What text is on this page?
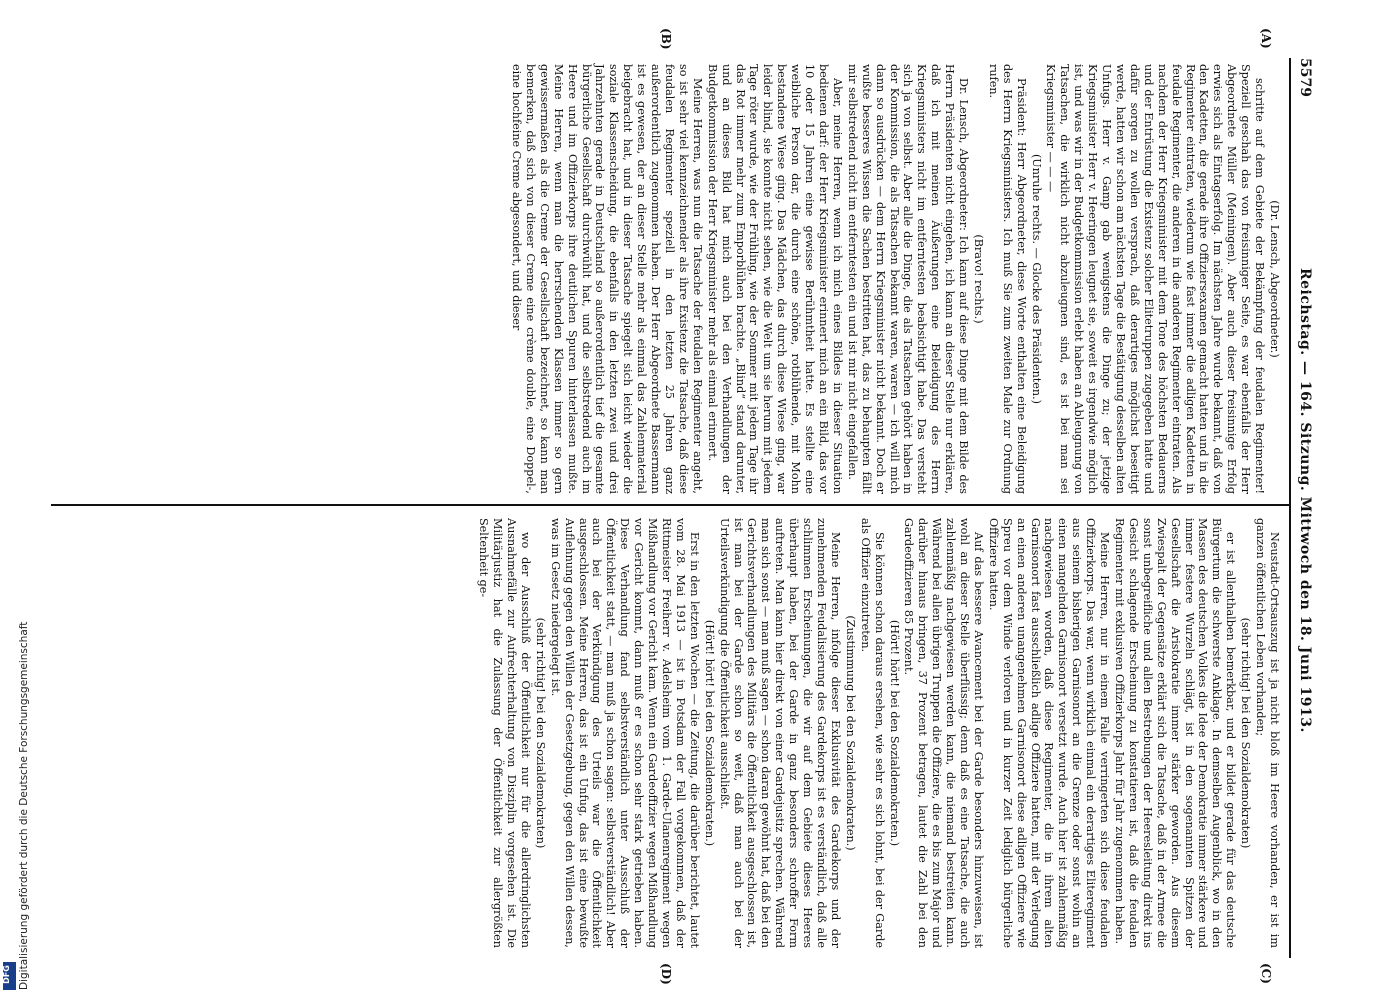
5579
Reichstag. — 164. Sitzung. Mittwoch den 18. Juni 1913.

(Dr. Lensch, Abgeordneter.)

schritte auf dem Gebiete der Bekämpfung der feudalen Regimenter! Speziell geschah das von freisinniger Seite, es war ebenfalls der Herr Abgeordnete Müller (Meiningen). Aber auch dieser freisinnige Erfolg erwies sich als Eintagserfolg. Im nächsten Jahre wurde bekannt, daß von den Kadetten, die gerade ihre Offiziersexamen gemacht hatten und in die Regimenter eintraten, wiederum wie fast immer die adligen Kadetten in feudale Regimenter, die anderen in die anderen Regimenter eintraten. Als nachdem der Herr Kriegsminister mit dem Tone des höchsten Bedauerns und der Entrüstung die Existenz solcher Elitetruppen zugegeben hatte und dafür sorgen zu wollen versprach, daß derartiges möglichst beseitigt werde, hatten wir schon am nächsten Tage die Bestätigung desselben alten Unfugs. Herr v. Gamp gab wenigstens die Dinge zu; der jetzige Kriegsminister Herr v. Heeringen leugnet sie, soweit es irgendwie möglich ist, und was wir in der Budgetkommission erlebt haben an Ableugnung von Tatsachen, die wirklich nicht abzuleugnen sind, es ist bei man sei Kriegsminister — — —

(Unruhe rechts. — Glocke des Präsidenten.)

Präsident: Herr Abgeordneter, diese Worte enthalten eine Beleidigung des Herrn Kriegsministers. Ich muß Sie zum zweiten Male zur Ordnung rufen.

(Bravo! rechts.)

Dr. Lensch, Abgeordneter: Ich kann auf diese Dinge mit dem Bilde des Herrn Präsidenten nicht eingehen, ich kann an dieser Stelle nur erklären, daß ich mit meinen Äußerungen eine Beleidigung des Herrn Kriegsministers nicht im entferntesten beabsichtigt habe. Das versteht sich ja von selbst. Aber alle die Dinge, die als Tatsachen gehört haben in der Kommission, die als Tatsachen bekannt waren, waren — ich will mich dann so ausdrücken — dem Herrn Kriegsminister nicht bekannt. Doch er wußte besseres Wissen die Sachen bestritten hat, das zu behaupten fällt mir selbstredend nicht im entferntesten ein und ist mir nicht eingefallen.

Aber, meine Herren, wenn ich mich eines Bildes in dieser Situation bedienen darf: der Herr Kriegsminister erinnert mich an ein Bild, das vor 10 oder 15 Jahren eine gewisse Berühmtheit hatte. Es stellte eine weibliche Person dar, die durch eine schöne, rotblühende, mit Mohn bestandene Wiese ging. Das Mädchen, das durch diese Wiese ging, war leider blind, sie konnte nicht sehen, wie die Welt um sie herum mit jedem Tage röter wurde, wie der Frühling, wie der Sommer mit jedem Tage ihr das Rot immer mehr zum Emporblühen brachte. „Blind“ stand darunter, und an dieses Bild hat mich auch bei den Verhandlungen der Budgetkommission der Herr Kriegsminister mehr als einmal erinnert.

Meine Herren, was nun die Tatsache der feudalen Regimenter angeht, so ist sehr viel kennzeichnender als ihre Existenz die Tatsache, daß diese feudalen Regimenter speziell in den letzten 25 Jahren ganz außerordentlich zugenommen haben. Der Herr Abgeordnete Bassermann ist es gewesen, der an dieser Stelle mehr als einmal das Zahlenmaterial beigebracht hat, und in dieser Tatsache spiegelt sich leicht wieder die soziale Klassenscheidung, die ebenfalls in den letzten zwei und drei Jahrzehnten gerade in Deutschland so außerordentlich tief die gesamte bürgerliche Gesellschaft durchwühlt hat, und die selbstredend auch im Heere und im Offizierkorps ihre deutlichen Spuren hinterlassen mußte. Meine Herren, wenn man die herrschenden Klassen immer so gern gewissermaßen als die Creme der Gesellschaft bezeichnet, so kann man bemerken, daß sich von dieser Creme eine crème double, eine Doppel-, eine hochfeine Creme abgesondert, und dieser

Neustadt-Ortsauszug ist ja nicht bloß im Heere vorhanden, er ist im ganzen öffentlichen Leben vorhanden;

(sehr richtig! bei den Sozialdemokraten)

er ist allenthalben bemerkbar, und er bildet gerade für das deutsche Bürgertum die schwerste Anklage. In demselben Augenblick, wo in den Massen des deutschen Volkes die Idee der Demokratie immer stärkere und immer festere Wurzeln schlägt, ist in den sogenannten Spitzen der Gesellschaft die Aristokratie immer stärker geworden. Aus diesem Zwiespalt der Gegensätze erklärt sich die Tatsache, daß in der Armee die sonst unbegreifliche und allen Bestrebungen der Heeresleitung direkt ins Gesicht schlagende Erscheinung zu konstatieren ist, daß die feudalen Regimenter mit exklusiven Offizierkorps Jahr für Jahr zugenommen haben.

Meine Herren, nur in einem Falle verringerten sich diese feudalen Offizierkorps. Das war, wenn wirklich einmal ein derartiges Eliteregiment aus seinem bisherigen Garnisonort an die Grenze oder sonst wohin an einen mangelnden Garnisonort versetzt wurde. Auch hier ist zahlenmäßig nachgewiesen worden, daß diese Regimenter, die in ihrem alten Garnisonort fast ausschließlich adlige Offiziere hatten, mit der Verlegung an einen anderen unangenehmen Garnisonort diese adligen Offiziere wie Spreu vor dem Winde verloren und in kurzer Zeit lediglich bürgerliche Offiziere hatten.

Auf das bessere Avancement bei der Garde besonders hinzuweisen, ist wohl an dieser Stelle überflüssig; denn daß es eine Tatsache, die auch zahlenmäßig nachgewiesen werden kann, die niemand bestreiten kann. Während bei allen übrigen Truppen die Offiziere, die es bis zum Major und darüber hinaus bringen, 37 Prozent betragen, lautet die Zahl bei den Gardeoffizieren 85 Prozent.

(Hört! hört! bei den Sozialdemokraten.)

Sie können schon daraus ersehen, wie sehr es sich lohnt, bei der Garde als Offizier einzutreten.

(Zustimmung bei den Sozialdemokraten.)

Meine Herren, infolge dieser Exklusivität des Gardekorps und der zunehmenden Feudalisierung des Gardekorps ist es verständlich, daß alle schlimmen Erscheinungen, die wir auf dem Gebiete dieses Heeres überhaupt haben, bei der Garde in ganz besonders schroffer Form auftreten. Man kann hier direkt von einer Gardejustiz sprechen. Während man sich sonst — man muß sagen — schon daran gewöhnt hat, daß bei den Gerichtsverhandlungen des Militärs die Öffentlichkeit ausgeschlossen ist, ist man bei der Garde schon so weit, daß man auch bei der Urteilsverkündigung die Öffentlichkeit ausschließt.

(Hört! hört! bei den Sozialdemokraten.)

Erst in den letzten Wochen — die Zeitung, die darüber berichtet, lautet vom 28. Mai 1913 — ist in Potsdam der Fall vorgekommen, daß der Rittmeister Freiherr v. Adelsheim vom 1. Garde-Ulanenregiment wegen Mißhandlung vor Gericht kam. Wenn ein Gardeoffizier wegen Mißhandlung vor Gericht kommt, dann muß er es schon sehr stark getrieben haben. Diese Verhandlung fand selbstverständlich unter Ausschluß der Öffentlichkeit statt, — man muß ja schon sagen: selbstverständlich! Aber auch bei der Verkündigung des Urteils war die Öffentlichkeit ausgeschlossen. Meine Herren, das ist ein Unfug, das ist eine bewußte Auflehnung gegen den Willen der Gesetzgebung, gegen den Willen dessen, was im Gesetz niedergelegt ist.

(sehr richtig! bei den Sozialdemokraten)

wo der Ausschluß der Öffentlichkeit nur für die allerdringlichsten Ausnahmefälle zur Aufrechterhaltung von Disziplin vorgesehen ist. Die Militärjustiz hat die Zulassung der Öffentlichkeit zur allergrößten Seltenheit ge-

(A)
(B)
(C)
(D)
Digitalisierung gefördert durch die Deutsche Forschungsgemeinschaft
DFG
